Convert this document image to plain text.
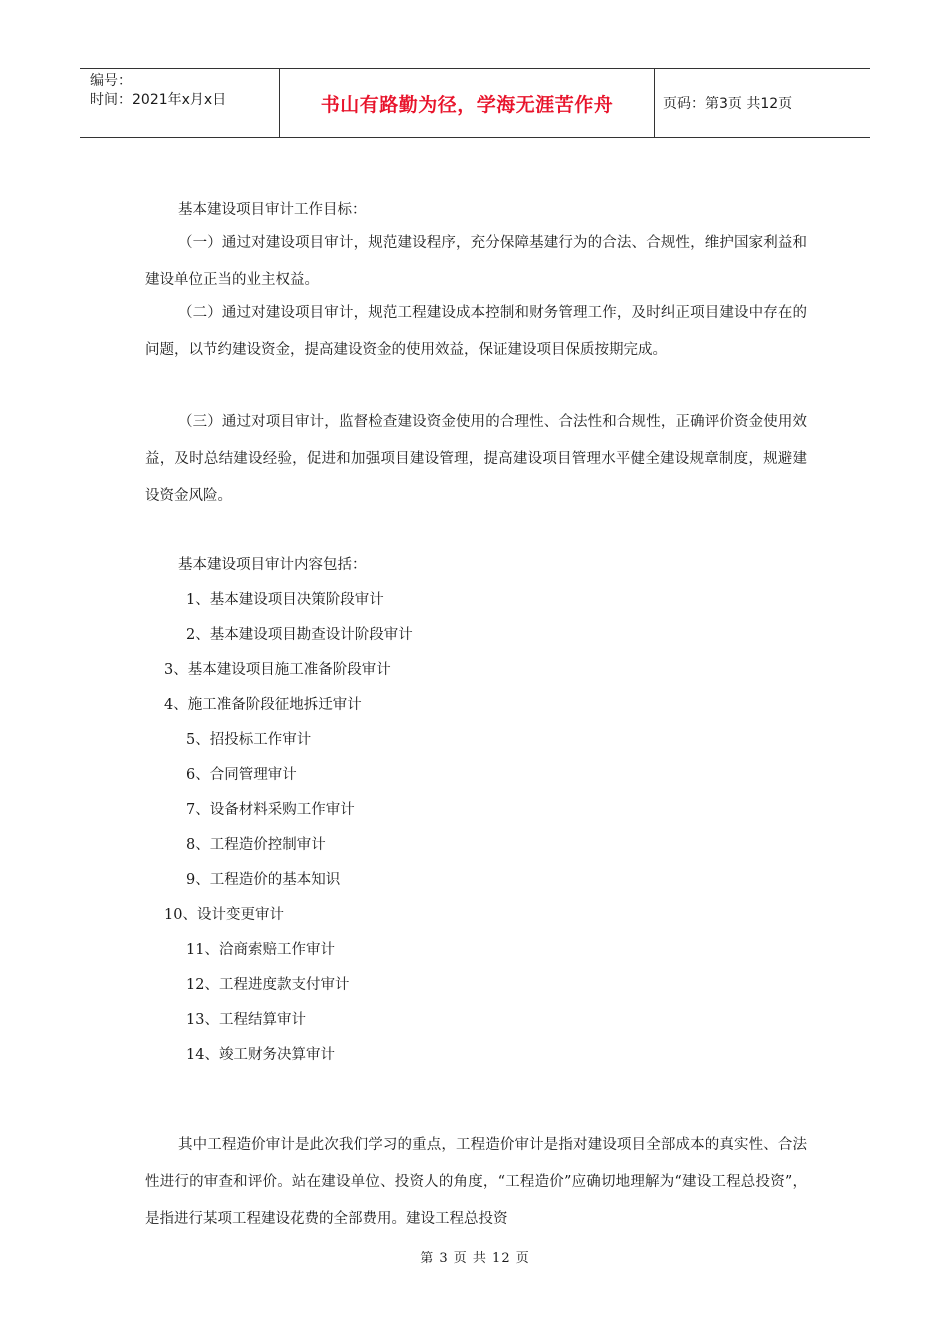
编号：
时间：2021年x月x日	书山有路勤为径，学海无涯苦作舟	页码：第3页 共12页

基本建设项目审计工作目标：

（一）通过对建设项目审计，规范建设程序，充分保障基建行为的合法、合规性，维护国家利益和建设单位正当的业主权益。

（二）通过对建设项目审计，规范工程建设成本控制和财务管理工作，及时纠正项目建设中存在的问题，以节约建设资金，提高建设资金的使用效益，保证建设项目保质按期完成。

（三）通过对项目审计，监督检查建设资金使用的合理性、合法性和合规性，正确评价资金使用效益，及时总结建设经验，促进和加强项目建设管理，提高建设项目管理水平健全建设规章制度，规避建设资金风险。

基本建设项目审计内容包括：

1、基本建设项目决策阶段审计
2、基本建设项目勘查设计阶段审计
3、基本建设项目施工准备阶段审计
4、施工准备阶段征地拆迁审计
5、招投标工作审计
6、合同管理审计
7、设备材料采购工作审计
8、工程造价控制审计
9、工程造价的基本知识
10、设计变更审计
11、洽商索赔工作审计
12、工程进度款支付审计
13、工程结算审计
14、竣工财务决算审计

其中工程造价审计是此次我们学习的重点，工程造价审计是指对建设项目全部成本的真实性、合法性进行的审查和评价。站在建设单位、投资人的角度，“工程造价”应确切地理解为“建设工程总投资”，是指进行某项工程建设花费的全部费用。建设工程总投资

第 3 页 共 12 页
